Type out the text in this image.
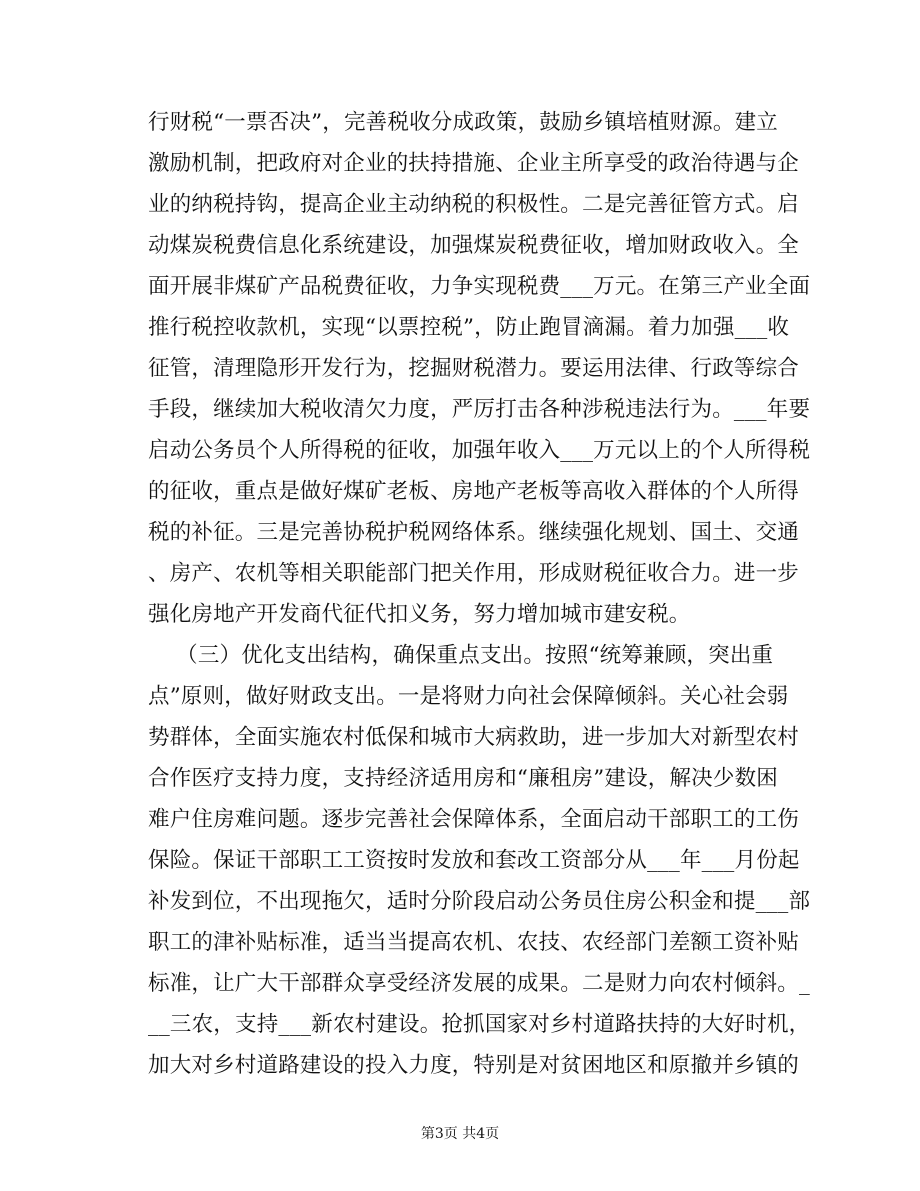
行财税“一票否决”，完善税收分成政策，鼓励乡镇培植财源。建立
激励机制，把政府对企业的扶持措施、企业主所享受的政治待遇与企
业的纳税持钩，提高企业主动纳税的积极性。二是完善征管方式。启
动煤炭税费信息化系统建设，加强煤炭税费征收，增加财政收入。全
面开展非煤矿产品税费征收，力争实现税费___万元。在第三产业全面
推行税控收款机，实现“以票控税”，防止跑冒滴漏。着力加强___收
征管，清理隐形开发行为，挖掘财税潜力。要运用法律、行政等综合
手段，继续加大税收清欠力度，严厉打击各种涉税违法行为。___年要
启动公务员个人所得税的征收，加强年收入___万元以上的个人所得税
的征收，重点是做好煤矿老板、房地产老板等高收入群体的个人所得
税的补征。三是完善协税护税网络体系。继续强化规划、国土、交通
、房产、农机等相关职能部门把关作用，形成财税征收合力。进一步
强化房地产开发商代征代扣义务，努力增加城市建安税。
（三）优化支出结构，确保重点支出。按照“统筹兼顾，突出重
点”原则，做好财政支出。一是将财力向社会保障倾斜。关心社会弱
势群体，全面实施农村低保和城市大病救助，进一步加大对新型农村
合作医疗支持力度，支持经济适用房和“廉租房”建设，解决少数困
难户住房难问题。逐步完善社会保障体系，全面启动干部职工的工伤
保险。保证干部职工工资按时发放和套改工资部分从___年___月份起
补发到位，不出现拖欠，适时分阶段启动公务员住房公积金和提___部
职工的津补贴标准，适当当提高农机、农技、农经部门差额工资补贴
标准，让广大干部群众享受经济发展的成果。二是财力向农村倾斜。_
__三农，支持___新农村建设。抢抓国家对乡村道路扶持的大好时机，
加大对乡村道路建设的投入力度，特别是对贫困地区和原撤并乡镇的
第3页 共4页
